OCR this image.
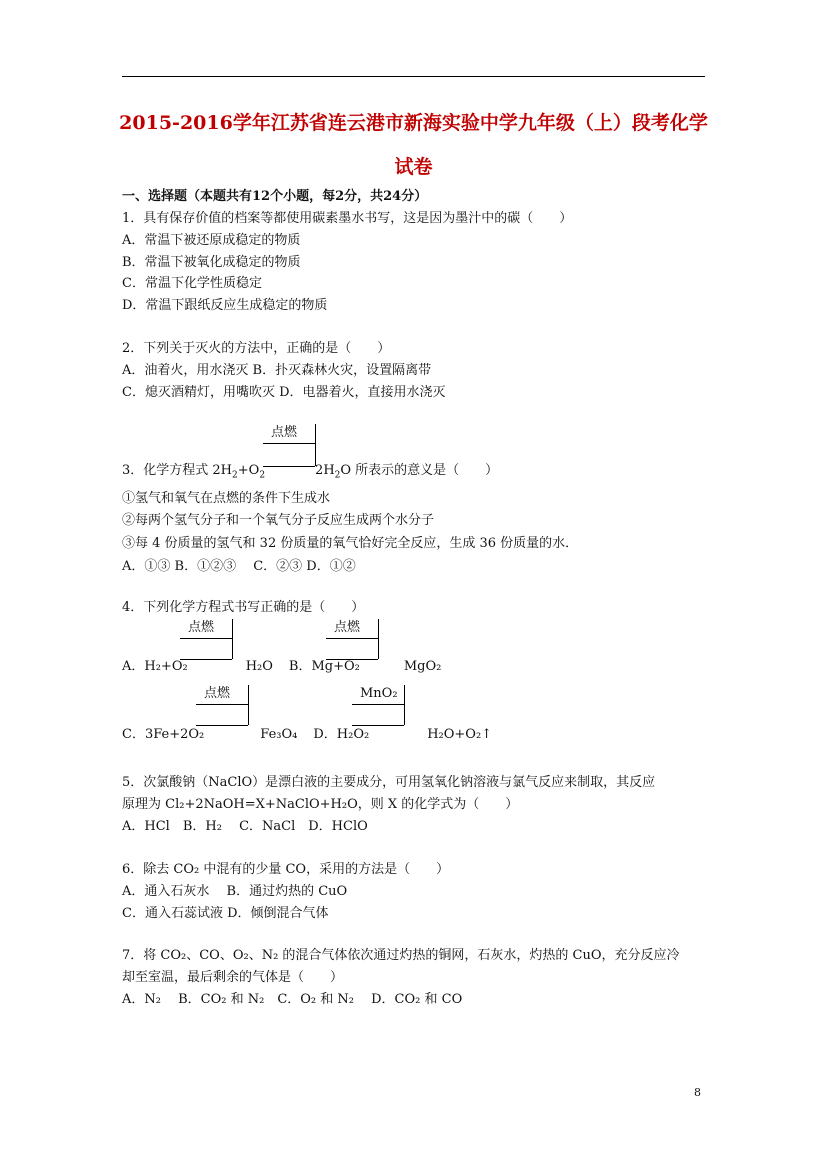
2015-2016学年江苏省连云港市新海实验中学九年级（上）段考化学
试卷
一、选择题（本题共有12个小题，每2分，共24分）
1．具有保存价值的档案等都使用碳素墨水书写，这是因为墨汁中的碳（　　）
A．常温下被还原成稳定的物质
B．常温下被氧化成稳定的物质
C．常温下化学性质稳定
D．常温下跟纸反应生成稳定的物质
2．下列关于灭火的方法中，正确的是（　　）
A．油着火，用水浇灭 B．扑灭森林火灾，设置隔离带
C．熄灭酒精灯，用嘴吹灭 D．电器着火，直接用水浇灭
点燃
3．化学方程式 $2H_2+O_2$	$2H_2O$ 所表示的意义是（　　）
①氢气和氧气在点燃的条件下生成水
②每两个氢气分子和一个氧气分子反应生成两个水分子
③每 4 份质量的氢气和 32 份质量的氧气恰好完全反应，生成 36 份质量的水．
A．①③ B．①②③　 C．②③ D．①②
4．下列化学方程式书写正确的是（　　）
点燃	点燃
A．H₂+O₂	H₂O B．Mg+O₂	MgO₂
点燃	MnO₂
C．3Fe+2O₂	Fe₃O₄ D．H₂O₂	H₂O+O₂↑
5．次氯酸钠（NaClO）是漂白液的主要成分，可用氢氧化钠溶液与氯气反应来制取，其反应
原理为 Cl₂+2NaOH=X+NaClO+H₂O，则 X 的化学式为（　　）
A．HCl　B．H₂　 C．NaCl　D．HClO
6．除去 CO₂ 中混有的少量 CO，采用的方法是（　　）
A．通入石灰水　 B．通过灼热的 CuO
C．通入石蕊试液 D．倾倒混合气体
7．将 CO₂、CO、O₂、N₂ 的混合气体依次通过灼热的铜网，石灰水，灼热的 CuO，充分反应冷
却至室温，最后剩余的气体是（　　）
A．N₂　 B．CO₂ 和 N₂　C．O₂ 和 N₂　 D．CO₂ 和 CO
8
